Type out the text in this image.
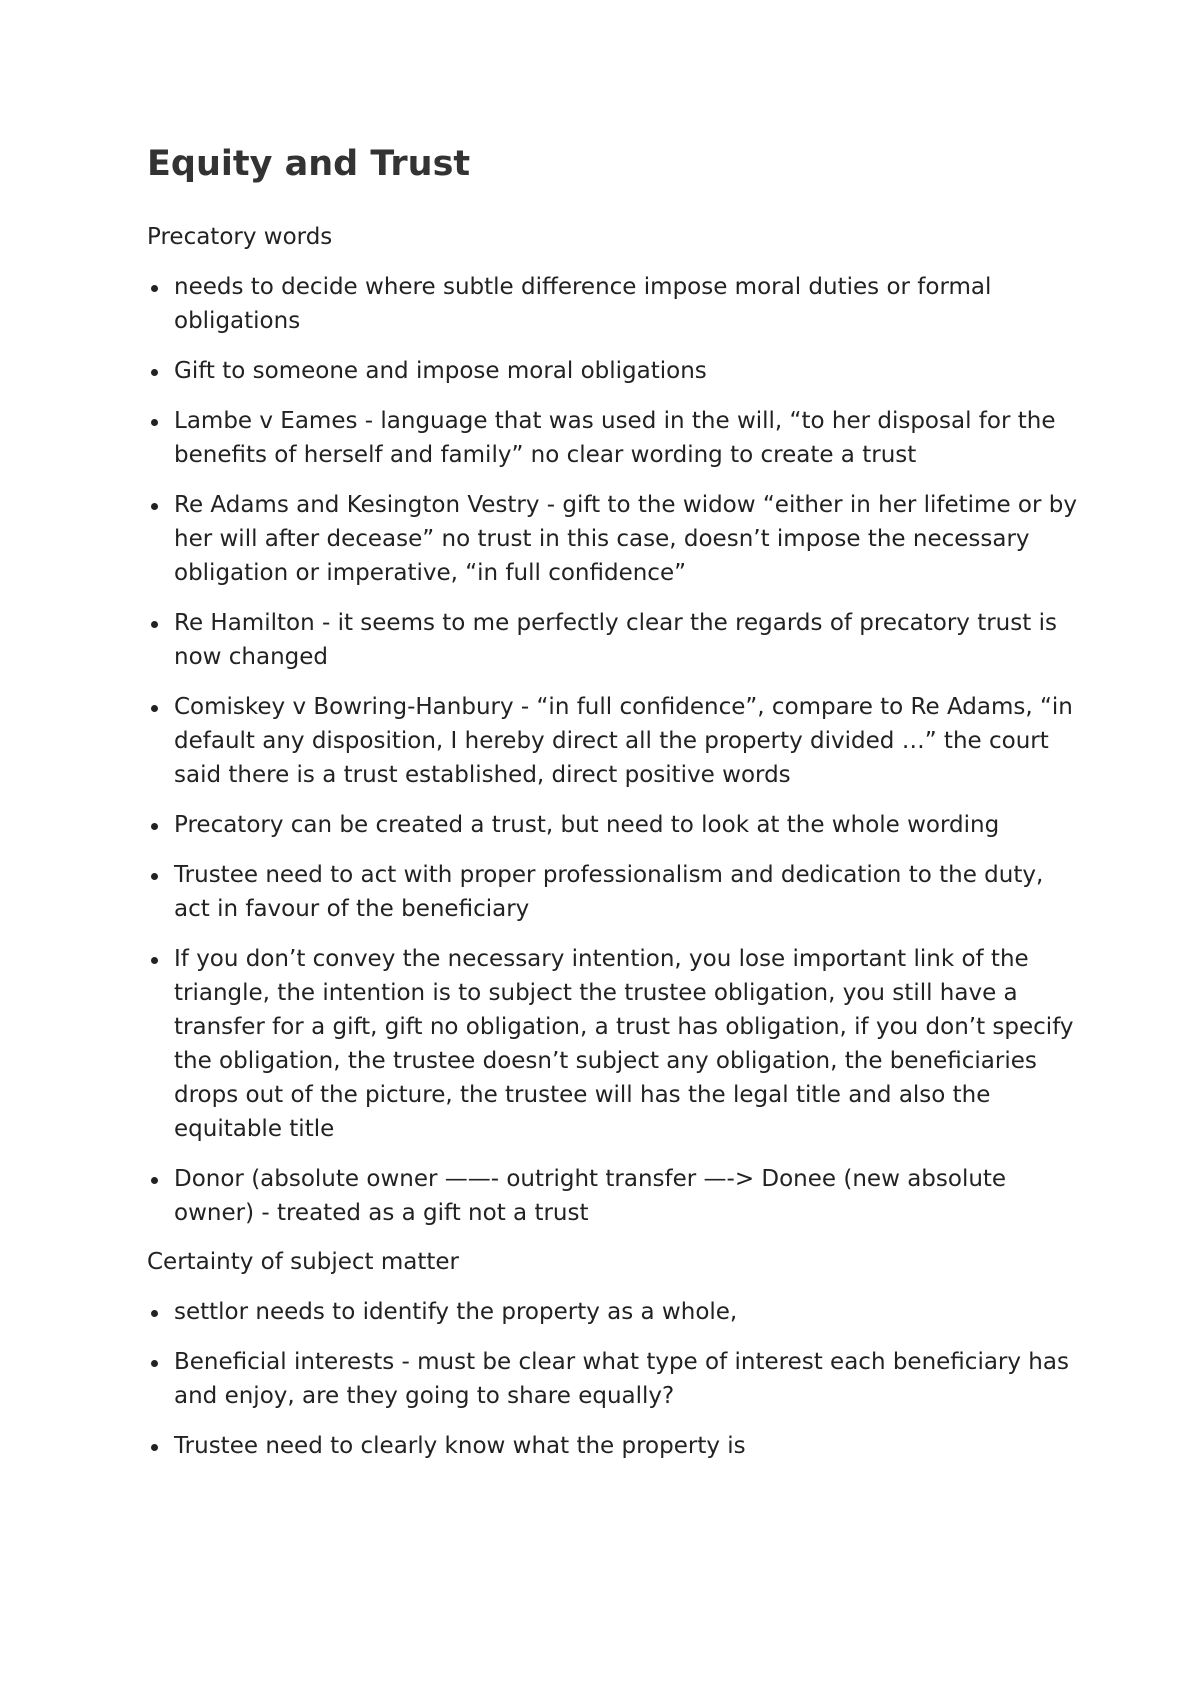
Equity and Trust

Precatory words

needs to decide where subtle difference impose moral duties or formal obligations
Gift to someone and impose moral obligations
Lambe v Eames - language that was used in the will, “to her disposal for the benefits of herself and family” no clear wording to create a trust
Re Adams and Kesington Vestry - gift to the widow “either in her lifetime or by her will after decease” no trust in this case, doesn’t impose the necessary obligation or imperative, “in full confidence”
Re Hamilton - it seems to me perfectly clear the regards of precatory trust is now changed
Comiskey v Bowring-Hanbury - “in full confidence”, compare to Re Adams, “in default any disposition, I hereby direct all the property divided …” the court said there is a trust established, direct positive words
Precatory can be created a trust, but need to look at the whole wording
Trustee need to act with proper professionalism and dedication to the duty, act in favour of the beneficiary
If you don’t convey the necessary intention, you lose important link of the triangle, the intention is to subject the trustee obligation, you still have a transfer for a gift, gift no obligation, a trust has obligation, if you don’t specify the obligation, the trustee doesn’t subject any obligation, the beneficiaries drops out of the picture, the trustee will has the legal title and also the equitable title
Donor (absolute owner ——- outright transfer —-> Donee (new absolute owner) - treated as a gift not a trust

Certainty of subject matter

settlor needs to identify the property as a whole,
Beneficial interests - must be clear what type of interest each beneficiary has and enjoy, are they going to share equally?
Trustee need to clearly know what the property is
